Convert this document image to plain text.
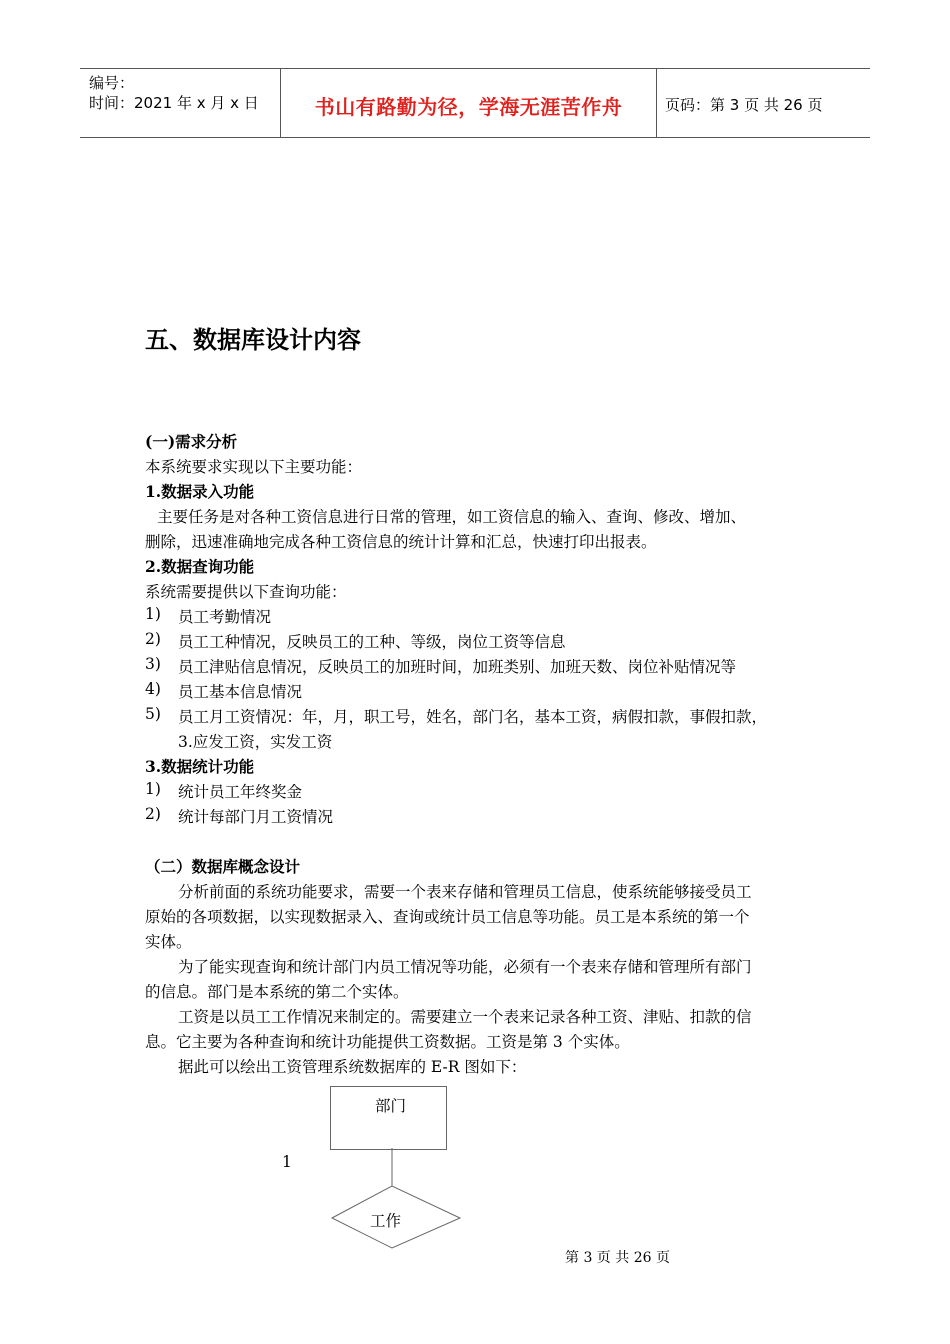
编号：
时间：2021 年 x 月 x 日	书山有路勤为径，学海无涯苦作舟	页码：第 3 页 共 26 页
五、数据库设计内容
(一)需求分析
本系统要求实现以下主要功能：
1.数据录入功能
主要任务是对各种工资信息进行日常的管理，如工资信息的输入、查询、修改、增加、
删除，迅速准确地完成各种工资信息的统计计算和汇总，快速打印出报表。
2.数据查询功能
系统需要提供以下查询功能：
1) 员工考勤情况
2) 员工工种情况，反映员工的工种、等级，岗位工资等信息
3) 员工津贴信息情况，反映员工的加班时间，加班类别、加班天数、岗位补贴情况等
4) 员工基本信息情况
5) 员工月工资情况：年，月，职工号，姓名，部门名，基本工资，病假扣款，事假扣款，
3.应发工资，实发工资
3.数据统计功能
1) 统计员工年终奖金
2) 统计每部门月工资情况
（二）数据库概念设计
分析前面的系统功能要求，需要一个表来存储和管理员工信息，使系统能够接受员工
原始的各项数据，以实现数据录入、查询或统计员工信息等功能。员工是本系统的第一个
实体。
为了能实现查询和统计部门内员工情况等功能，必须有一个表来存储和管理所有部门
的信息。部门是本系统的第二个实体。
工资是以员工工作情况来制定的。需要建立一个表来记录各种工资、津贴、扣款的信
息。它主要为各种查询和统计功能提供工资数据。工资是第 3 个实体。
据此可以绘出工资管理系统数据库的 E-R 图如下：
部门
1
工作
第 3 页 共 26 页
